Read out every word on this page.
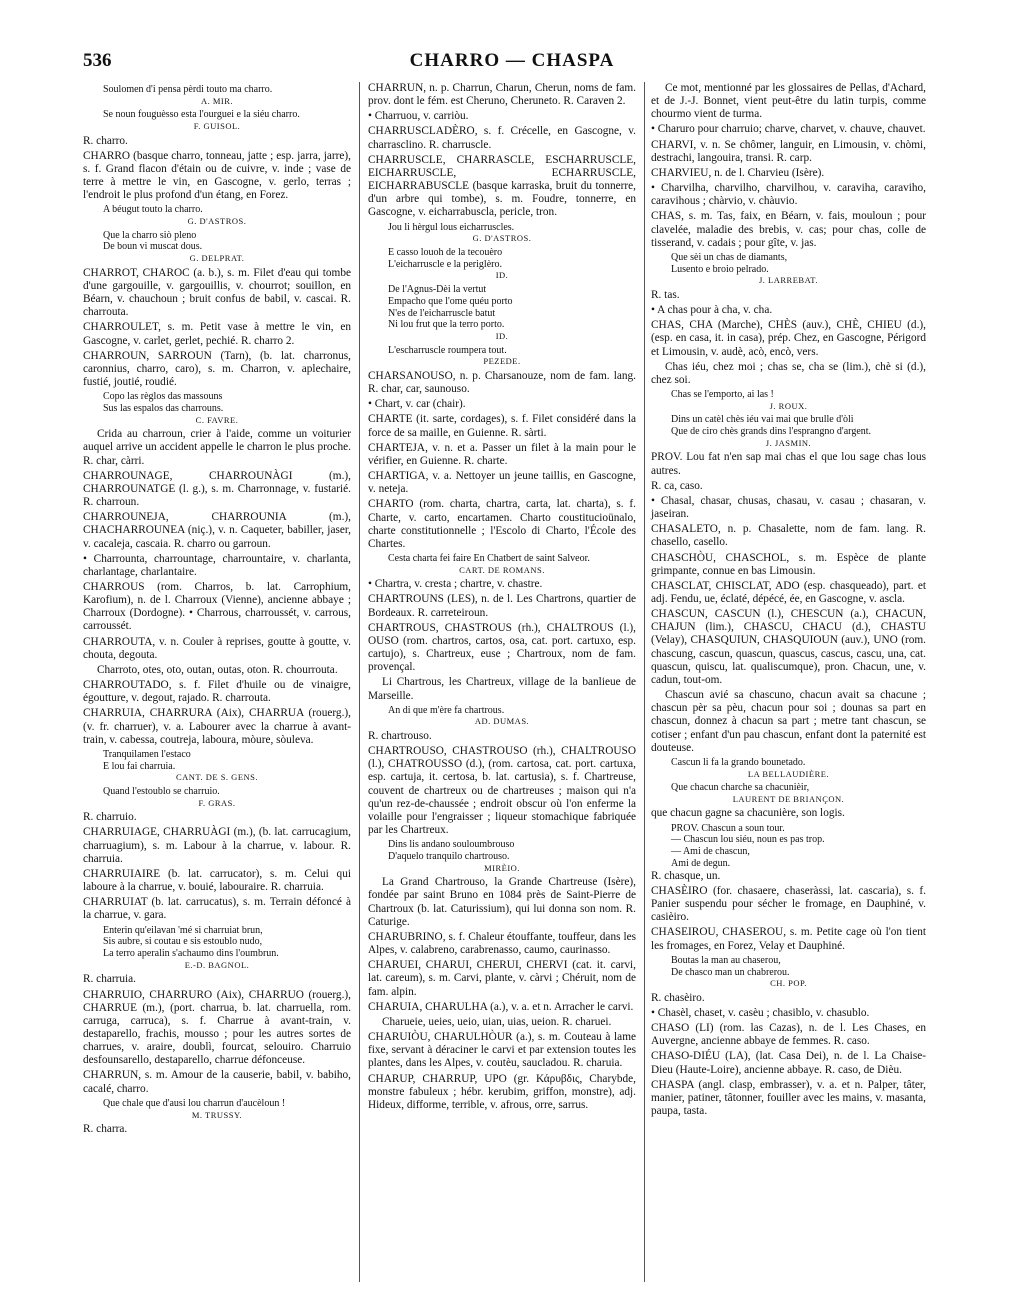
536	CHARRO — CHASPA

Soulomen d'i pensa pèrdi touto ma charro.

A. MIR.

Se noun fouguèsso esta l'ourguei e la siéu charro.

F. GUISOL.

R. charro.

CHARRO (basque charro, tonneau, jatte ; esp. jarra, jarre), s. f. Grand flacon d'étain ou de cuivre, v. inde ; vase de terre à mettre le vin, en Gascogne, v. gerlo, terras ; l'endroit le plus profond d'un étang, en Forez.

A béugut touto la charro.

G. D'ASTROS.

Que la charro siò pleno
De boun vi muscat dous.

G. DELPRAT.

CHARROT, CHAROC (a. b.), s. m. Filet d'eau qui tombe d'une gargouille, v. gargouillis, v. chourrot; souillon, en Béarn, v. chauchoun ; bruit confus de babil, v. cascai. R. charrouta.

CHARROULET, s. m. Petit vase à mettre le vin, en Gascogne, v. carlet, gerlet, pechié. R. charro 2.

CHARROUN, SARROUN (Tarn), (b. lat. charronus, caronnius, charro, caro), s. m. Charron, v. aplechaire, fustié, joutié, roudié.

Copo las règlos das massouns
Sus las espalos das charrouns.

C. FAVRE.

Crida au charroun, crier à l'aide, comme un voiturier auquel arrive un accident appelle le charron le plus proche. R. char, càrri.

CHARROUNAGE, CHARROUNÀGI (m.), CHARROUNATGE (l. g.), s. m. Charronnage, v. fustarié. R. charroun.

CHARROUNEJA, CHARROUNIA (m.), CHACHARROUNEA (niç.), v. n. Caqueter, babiller, jaser, v. cacaleja, cascaia. R. charro ou garroun.

• Charrounta, charrountage, charrountaire, v. charlanta, charlantage, charlantaire.

CHARROUS (rom. Charros, b. lat. Carrophium, Karofium), n. de l. Charroux (Vienne), ancienne abbaye ; Charroux (Dordogne). • Charrous, charroussét, v. carrous, carroussét.

CHARROUTA, v. n. Couler à reprises, goutte à goutte, v. chouta, degouta.

Charroto, otes, oto, outan, outas, oton. R. chourrouta.

CHARROUTADO, s. f. Filet d'huile ou de vinaigre, égoutture, v. degout, rajado. R. charrouta.

CHARRUIA, CHARRURA (Aix), CHARRUA (rouerg.), (v. fr. charruer), v. a. Labourer avec la charrue à avant-train, v. cabessa, coutreja, laboura, mòure, sòuleva.

Tranquilamen l'estaco
E lou fai charruia.

CANT. DE S. GENS.

Quand l'estoublo se charruio.

F. GRAS.

R. charruio.

CHARRUIAGE, CHARRUÀGI (m.), (b. lat. carrucagium, charruagium), s. m. Labour à la charrue, v. labour. R. charruia.

CHARRUIAIRE (b. lat. carrucator), s. m. Celui qui laboure à la charrue, v. bouié, labouraire. R. charruia.

CHARRUIAT (b. lat. carrucatus), s. m. Terrain défoncé à la charrue, v. gara.

Enterin qu'eilavan 'mé si charruiat brun,
Sis aubre, si coutau e sis estoublo nudo,
La terro aperalin s'achaumo dins l'oumbrun.

E.-D. BAGNOL.

R. charruia.

CHARRUIO, CHARRURO (Aix), CHARRUO (rouerg.), CHARRUE (m.), (port. charrua, b. lat. charruella, rom. carruga, carruca), s. f. Charrue à avant-train, v. destaparello, frachis, mousso ; pour les autres sortes de charrues, v. araire, doublì, fourcat, selouiro. Charruio desfounsarello, destaparello, charrue défonceuse.

CHARRUN, s. m. Amour de la causerie, babil, v. babiho, cacalé, charro.

Que chale que d'ausi lou charrun d'aucèloun !

M. TRUSSY.

R. charra.

CHARRUN, n. p. Charrun, Charun, Cherun, noms de fam. prov. dont le fém. est Cheruno, Cheruneto. R. Caraven 2.

• Charruou, v. carriòu.

CHARRUSCLADÈRO, s. f. Crécelle, en Gascogne, v. charrasclino. R. charruscle.

CHARRUSCLE, CHARRASCLE, ESCHARRUSCLE, EICHARRUSCLE, ECHARRUSCLE, EICHARRABUSCLE (basque karraska, bruit du tonnerre, d'un arbre qui tombe), s. m. Foudre, tonnerre, en Gascogne, v. eicharrabuscla, pericle, tron.

Jou li hèrgul lous eicharruscles.

G. D'ASTROS.

E casso louoh de la tecouèro
L'eicharruscle e la periglèro.

ID.

De l'Agnus-Dèi la vertut
Empacho que l'ome quéu porto
N'es de l'eicharruscle batut
Ni lou frut que la terro porto.

ID.

L'escharruscle roumpera tout.

PEZEDE.

CHARSANOUSO, n. p. Charsanouze, nom de fam. lang. R. char, car, saunouso.

• Chart, v. car (chair).

CHARTE (it. sarte, cordages), s. f. Filet considéré dans la force de sa maille, en Guienne. R. sàrti.

CHARTEJA, v. n. et a. Passer un filet à la main pour le vérifier, en Guienne. R. charte.

CHARTIGA, v. a. Nettoyer un jeune taillis, en Gascogne, v. neteja.

CHARTO (rom. charta, chartra, carta, lat. charta), s. f. Charte, v. carto, encartamen. Charto coustitucioünalo, charte constitutionnelle ; l'Escolo di Charto, l'École des Chartes.

Cesta charta fei faire En Chatbert de saint Salveor.

CART. DE ROMANS.

• Chartra, v. cresta ; chartre, v. chastre.

CHARTROUNS (LES), n. de l. Les Chartrons, quartier de Bordeaux. R. carreteiroun.

CHARTROUS, CHASTROUS (rh.), CHALTROUS (l.), OUSO (rom. chartros, cartos, osa, cat. port. cartuxo, esp. cartujo), s. Chartreux, euse ; Chartroux, nom de fam. provençal.

Li Chartrous, les Chartreux, village de la banlieue de Marseille.

An di que m'ère fa chartrous.

AD. DUMAS.

R. chartrouso.

CHARTROUSO, CHASTROUSO (rh.), CHALTROUSO (l.), CHATROUSSO (d.), (rom. cartosa, cat. port. cartuxa, esp. cartuja, it. certosa, b. lat. cartusia), s. f. Chartreuse, couvent de chartreux ou de chartreuses ; maison qui n'a qu'un rez-de-chaussée ; endroit obscur où l'on enferme la volaille pour l'engraisser ; liqueur stomachique fabriquée par les Chartreux.

Dins lis andano souloumbrouso
D'aquelo tranquilo chartrouso.

MIRÈIO.

La Grand Chartrouso, la Grande Chartreuse (Isère), fondée par saint Bruno en 1084 près de Saint-Pierre de Chartroux (b. lat. Caturissium), qui lui donna son nom. R. Caturige.

CHARUBRINO, s. f. Chaleur étouffante, touffeur, dans les Alpes, v. calabreno, carabrenasso, caumo, caurinasso.

CHARUEI, CHARUI, CHERUI, CHERVI (cat. it. carvi, lat. careum), s. m. Carvi, plante, v. càrvi ; Chéruit, nom de fam. alpin.

CHARUIA, CHARULHA (a.), v. a. et n. Arracher le carvi.

Charueie, ueies, ueio, uian, uias, ueion. R. charuei.

CHARUIÒU, CHARULHÒUR (a.), s. m. Couteau à lame fixe, servant à déraciner le carvi et par extension toutes les plantes, dans les Alpes, v. coutèu, saucladou. R. charuia.

CHARUP, CHARRUP, UPO (gr. Κάρυβδις, Charybde, monstre fabuleux ; hébr. kerubim, griffon, monstre), adj. Hideux, difforme, terrible, v. afrous, orre, sarrus.

Ce mot, mentionné par les glossaires de Pellas, d'Achard, et de J.-J. Bonnet, vient peut-être du latin turpis, comme chourmo vient de turma.

• Charuro pour charruio; charve, charvet, v. chauve, chauvet.

CHARVI, v. n. Se chômer, languir, en Limousin, v. chòmi, destrachi, langouira, transi. R. carp.

CHARVIEU, n. de l. Charvieu (Isère).

• Charvilha, charvilho, charvilhou, v. caraviha, caraviho, caravihous ; chàrvio, v. chàuvio.

CHAS, s. m. Tas, faix, en Béarn, v. fais, mouloun ; pour clavelée, maladie des brebis, v. cas; pour chas, colle de tisserand, v. cadais ; pour gîte, v. jas.

Que sèi un chas de diamants,
Lusento e broio pelrado.

J. LARREBAT.

R. tas.

• A chas pour à cha, v. cha.

CHAS, CHA (Marche), CHÈS (auv.), CHÈ, CHIEU (d.), (esp. en casa, it. in casa), prép. Chez, en Gascogne, Périgord et Limousin, v. audè, acò, encò, vers.

Chas iéu, chez moi ; chas se, cha se (lim.), chè si (d.), chez soi.

Chas se l'emporto, ai las !

J. ROUX.

Dins un catèl chès iéu vai mai que brulle d'òli
Que de ciro chès grands dins l'esprangno d'argent.

J. JASMIN.

PROV. Lou fat n'en sap mai chas el que lou sage chas lous autres.

R. ca, caso.

• Chasal, chasar, chusas, chasau, v. casau ; chasaran, v. jaseiran.

CHASALETO, n. p. Chasalette, nom de fam. lang. R. chasello, casello.

CHASCHÒU, CHASCHOL, s. m. Espèce de plante grimpante, connue en bas Limousin.

CHASCLAT, CHISCLAT, ADO (esp. chasqueado), part. et adj. Fendu, ue, éclaté, dépécé, ée, en Gascogne, v. ascla.

CHASCUN, CASCUN (l.), CHESCUN (a.), CHACUN, CHAJUN (lim.), CHASCU, CHACU (d.), CHASTU (Velay), CHASQUIUN, CHASQUIOUN (auv.), UNO (rom. chascung, cascun, quascun, quascus, cascus, cascu, una, cat. quascun, quiscu, lat. qualiscumque), pron. Chacun, une, v. cadun, tout-om.

Chascun avié sa chascuno, chacun avait sa chacune ; chascun pèr sa pèu, chacun pour soi ; dounas sa part en chascun, donnez à chacun sa part ; metre tant chascun, se cotiser ; enfant d'un pau chascun, enfant dont la paternité est douteuse.

Cascun li fa la grando bounetado.

LA BELLAUDIÈRE.

Que chacun charche sa chacunièir,

LAURENT DE BRIANÇON.

que chacun gagne sa chacunière, son logis.

PROV. Chascun a soun tour.
— Chascun lou siéu, noun es pas trop.
— Ami de chascun,
Ami de degun.

R. chasque, un.

CHASÈIRO (for. chasaere, chaseràssi, lat. cascaria), s. f. Panier suspendu pour sécher le fromage, en Dauphiné, v. casièiro.

CHASEIROU, CHASEROU, s. m. Petite cage où l'on tient les fromages, en Forez, Velay et Dauphiné.

Boutas la man au chaserou,
De chasco man un chabrerou.

CH. POP.

R. chasèiro.

• Chasèl, chaset, v. casèu ; chasiblo, v. chasublo.

CHASO (LI) (rom. las Cazas), n. de l. Les Chases, en Auvergne, ancienne abbaye de femmes. R. caso.

CHASO-DIÉU (LA), (lat. Casa Dei), n. de l. La Chaise-Dieu (Haute-Loire), ancienne abbaye. R. caso, de Dièu.

CHASPA (angl. clasp, embrasser), v. a. et n. Palper, tâter, manier, patiner, tâtonner, fouiller avec les mains, v. masanta, paupa, tasta.
